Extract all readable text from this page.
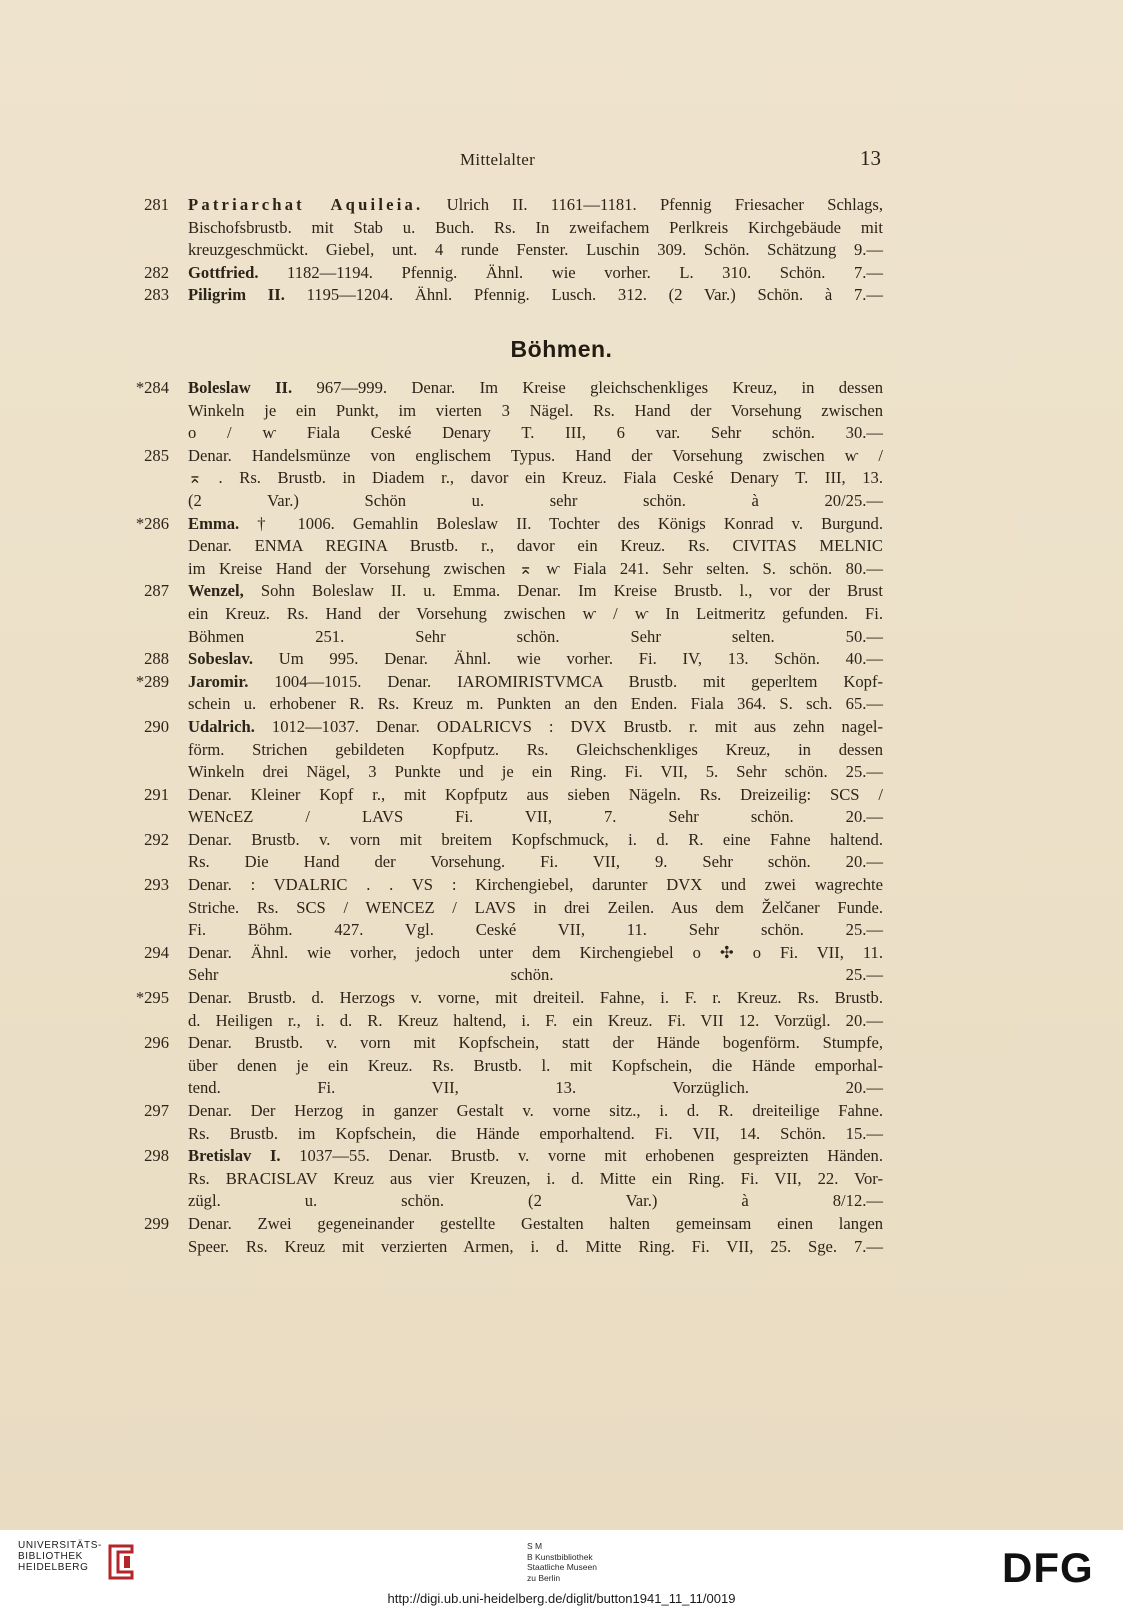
Mittelalter	13
281 Patriarchat Aquileia. Ulrich II. 1161—1181. Pfennig Friesacher Schlags,
Bischofsbrustb. mit Stab u. Buch. Rs. In zweifachem Perlkreis Kirchgebäude mit
kreuzgeschmückt. Giebel, unt. 4 runde Fenster. Luschin 309. Schön. Schätzung 9.—
282 Gottfried. 1182—1194. Pfennig. Ähnl. wie vorher. L. 310. Schön. 7.—
283 Piligrim II. 1195—1204. Ähnl. Pfennig. Lusch. 312. (2 Var.) Schön. à 7.—
Böhmen.
*284 Boleslaw II. 967—999. Denar. Im Kreise gleichschenkliges Kreuz, in dessen
Winkeln je ein Punkt, im vierten 3 Nägel. Rs. Hand der Vorsehung zwischen
o / ⱳ Fiala Ceské Denary T. III, 6 var. Sehr schön. 30.—
285 Denar. Handelsmünze von englischem Typus. Hand der Vorsehung zwischen ⱳ /
⌅ . Rs. Brustb. in Diadem r., davor ein Kreuz. Fiala Ceské Denary T. III, 13.
(2 Var.) Schön u. sehr schön. à 20/25.—
*286 Emma. † 1006. Gemahlin Boleslaw II. Tochter des Königs Konrad v. Burgund.
Denar. ENMA REGINA Brustb. r., davor ein Kreuz. Rs. CIVITAS MELNIC
im Kreise Hand der Vorsehung zwischen ⌅ ⱳ Fiala 241. Sehr selten. S. schön. 80.—
287 Wenzel, Sohn Boleslaw II. u. Emma. Denar. Im Kreise Brustb. l., vor der Brust
ein Kreuz. Rs. Hand der Vorsehung zwischen ⱳ / ⱳ In Leitmeritz gefunden. Fi.
Böhmen 251. Sehr schön. Sehr selten. 50.—
288 Sobeslav. Um 995. Denar. Ähnl. wie vorher. Fi. IV, 13. Schön. 40.—
*289 Jaromir. 1004—1015. Denar. IAROMIRISTVMCA Brustb. mit geperltem Kopf-
schein u. erhobener R. Rs. Kreuz m. Punkten an den Enden. Fiala 364. S. sch. 65.—
290 Udalrich. 1012—1037. Denar. ODALRICVS : DVX Brustb. r. mit aus zehn nagel-
förm. Strichen gebildeten Kopfputz. Rs. Gleichschenkliges Kreuz, in dessen
Winkeln drei Nägel, 3 Punkte und je ein Ring. Fi. VII, 5. Sehr schön. 25.—
291 Denar. Kleiner Kopf r., mit Kopfputz aus sieben Nägeln. Rs. Dreizeilig: SCS /
WENcEZ / LAVS Fi. VII, 7. Sehr schön. 20.—
292 Denar. Brustb. v. vorn mit breitem Kopfschmuck, i. d. R. eine Fahne haltend.
Rs. Die Hand der Vorsehung. Fi. VII, 9. Sehr schön. 20.—
293 Denar. : VDALRIC . . VS : Kirchengiebel, darunter DVX und zwei wagrechte
Striche. Rs. SCS / WENCEZ / LAVS in drei Zeilen. Aus dem Želčaner Funde.
Fi. Böhm. 427. Vgl. Ceské VII, 11. Sehr schön. 25.—
294 Denar. Ähnl. wie vorher, jedoch unter dem Kirchengiebel o ✣ o Fi. VII, 11.
Sehr schön. 25.—
*295 Denar. Brustb. d. Herzogs v. vorne, mit dreiteil. Fahne, i. F. r. Kreuz. Rs. Brustb.
d. Heiligen r., i. d. R. Kreuz haltend, i. F. ein Kreuz. Fi. VII 12. Vorzügl. 20.—
296 Denar. Brustb. v. vorn mit Kopfschein, statt der Hände bogenförm. Stumpfe,
über denen je ein Kreuz. Rs. Brustb. l. mit Kopfschein, die Hände emporhal-
tend. Fi. VII, 13. Vorzüglich. 20.—
297 Denar. Der Herzog in ganzer Gestalt v. vorne sitz., i. d. R. dreiteilige Fahne.
Rs. Brustb. im Kopfschein, die Hände emporhaltend. Fi. VII, 14. Schön. 15.—
298 Bretislav I. 1037—55. Denar. Brustb. v. vorne mit erhobenen gespreizten Händen.
Rs. BRACISLAV Kreuz aus vier Kreuzen, i. d. Mitte ein Ring. Fi. VII, 22. Vor-
zügl. u. schön. (2 Var.) à 8/12.—
299 Denar. Zwei gegeneinander gestellte Gestalten halten gemeinsam einen langen
Speer. Rs. Kreuz mit verzierten Armen, i. d. Mitte Ring. Fi. VII, 25. Sge. 7.—
UNIVERSITÄTS-
BIBLIOTHEK
HEIDELBERG
S M
B Kunstbibliothek
Staatliche Museen
zu Berlin	DFG
http://digi.ub.uni-heidelberg.de/diglit/button1941_11_11/0019
